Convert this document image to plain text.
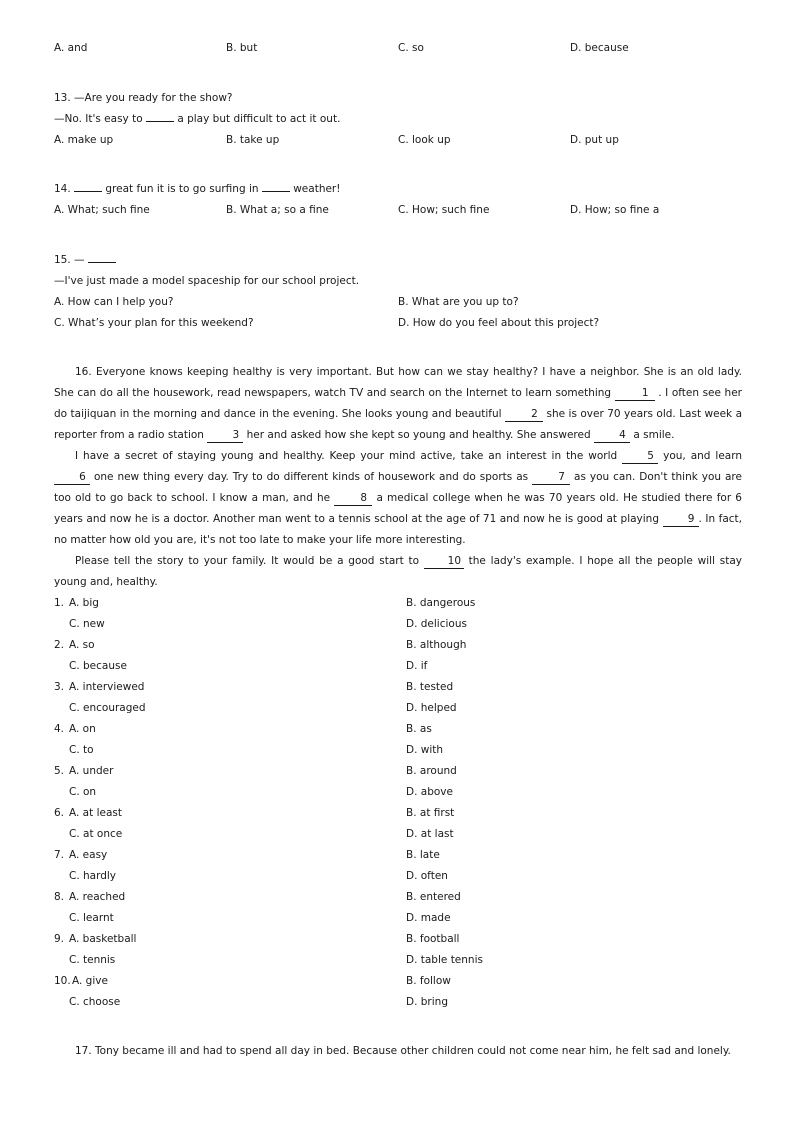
A. and	B. but	C. so	D. because
13. —Are you ready for the show?
—No. It's easy to	a play but difficult to act it out.
A. make up	B. take up	C. look up	D. put up
14.	great fun it is to go surfing in	weather!
A. What; such fine	B. What a; so a fine	C. How; such fine	D. How; so fine a
15. —
—I've just made a model spaceship for our school project.
A. How can I help you?	B. What are you up to?
C. What’s your plan for this weekend?	D. How do you feel about this project?

16. Everyone knows keeping healthy is very important. But how can we stay healthy? I have a neighbor. She is an old lady. She can do all the housework, read newspapers, watch TV and search on the Internet to learn something	1 . I often see her do taijiquan in the morning and dance in the evening. She looks young and beautiful	2 she is over 70 years old. Last week a reporter from a radio station	3 her and asked how she kept so young and healthy. She answered	4 a smile.

I have a secret of staying young and healthy. Keep your mind active, take an interest in the world	5 you, and learn 6 one new thing every day. Try to do different kinds of housework and do sports as	7 as you can. Don't think you are too old to go back to school. I know a man, and he	8 a medical college when he was 70 years old. He studied there for 6 years and now he is a doctor. Another man went to a tennis school at the age of 71 and now he is good at playing	9 . In fact, no matter how old you are, it's not too late to make your life more interesting.

Please tell the story to your family. It would be a good start to	10 the lady's example. I hope all the people will stay young and, healthy.

1. A. big	B. dangerous
C. new	D. delicious
2. A. so	B. although
C. because	D. if
3. A. interviewed	B. tested
C. encouraged	D. helped
4. A. on	B. as
C. to	D. with
5. A. under	B. around
C. on	D. above
6. A. at least	B. at first
C. at once	D. at last
7. A. easy	B. late
C. hardly	D. often
8. A. reached	B. entered
C. learnt	D. made
9. A. basketball	B. football
C. tennis	D. table tennis
10. A. give	B. follow
C. choose	D. bring
17. Tony became ill and had to spend all day in bed. Because other children could not come near him, he felt sad and lonely.
